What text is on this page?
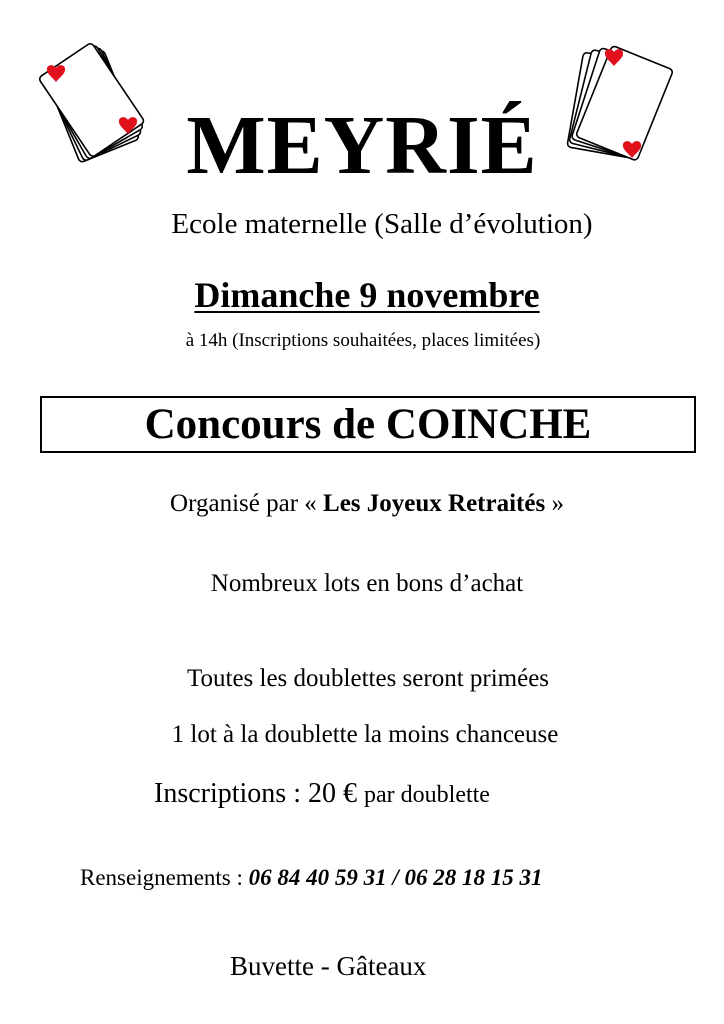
MEYRIÉ
Ecole maternelle (Salle d’évolution)
Dimanche 9 novembre
à 14h (Inscriptions souhaitées, places limitées)
Concours de COINCHE
Organisé par « Les Joyeux Retraités »
Nombreux lots en bons d’achat
Toutes les doublettes seront primées
1 lot à la doublette la moins chanceuse
Inscriptions : 20 € par doublette
Renseignements : 06 84 40 59 31 / 06 28 18 15 31
Buvette - Gâteaux
